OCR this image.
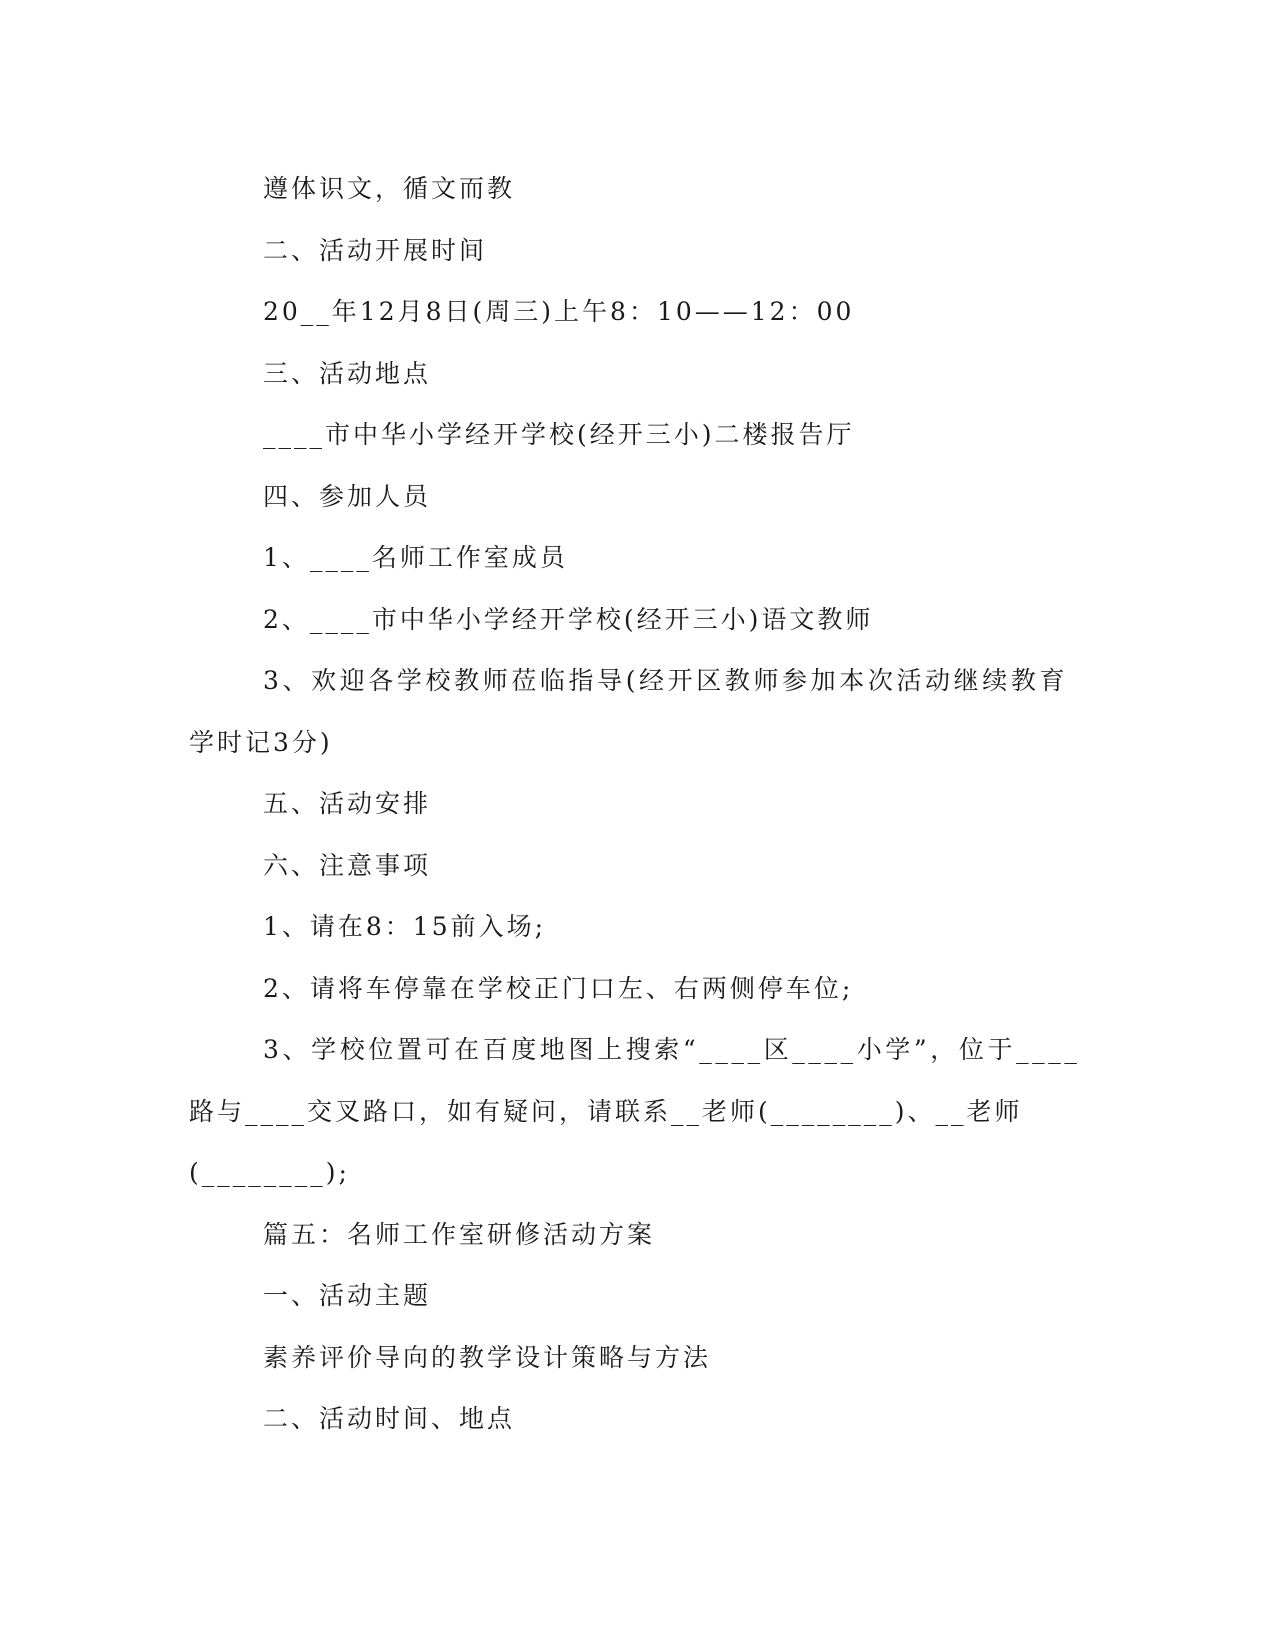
遵体识文，循文而教
二、活动开展时间
20__年12月8日(周三)上午8：10——12：00
三、活动地点
____市中华小学经开学校(经开三小)二楼报告厅
四、参加人员
1、____名师工作室成员
2、____市中华小学经开学校(经开三小)语文教师
3、欢迎各学校教师莅临指导(经开区教师参加本次活动继续教育
学时记3分)
五、活动安排
六、注意事项
1、请在8：15前入场;
2、请将车停靠在学校正门口左、右两侧停车位;
3、学校位置可在百度地图上搜索“____区____小学”，位于____
路与____交叉路口，如有疑问，请联系__老师(________)、__老师
(________);
篇五：名师工作室研修活动方案
一、活动主题
素养评价导向的教学设计策略与方法
二、活动时间、地点
